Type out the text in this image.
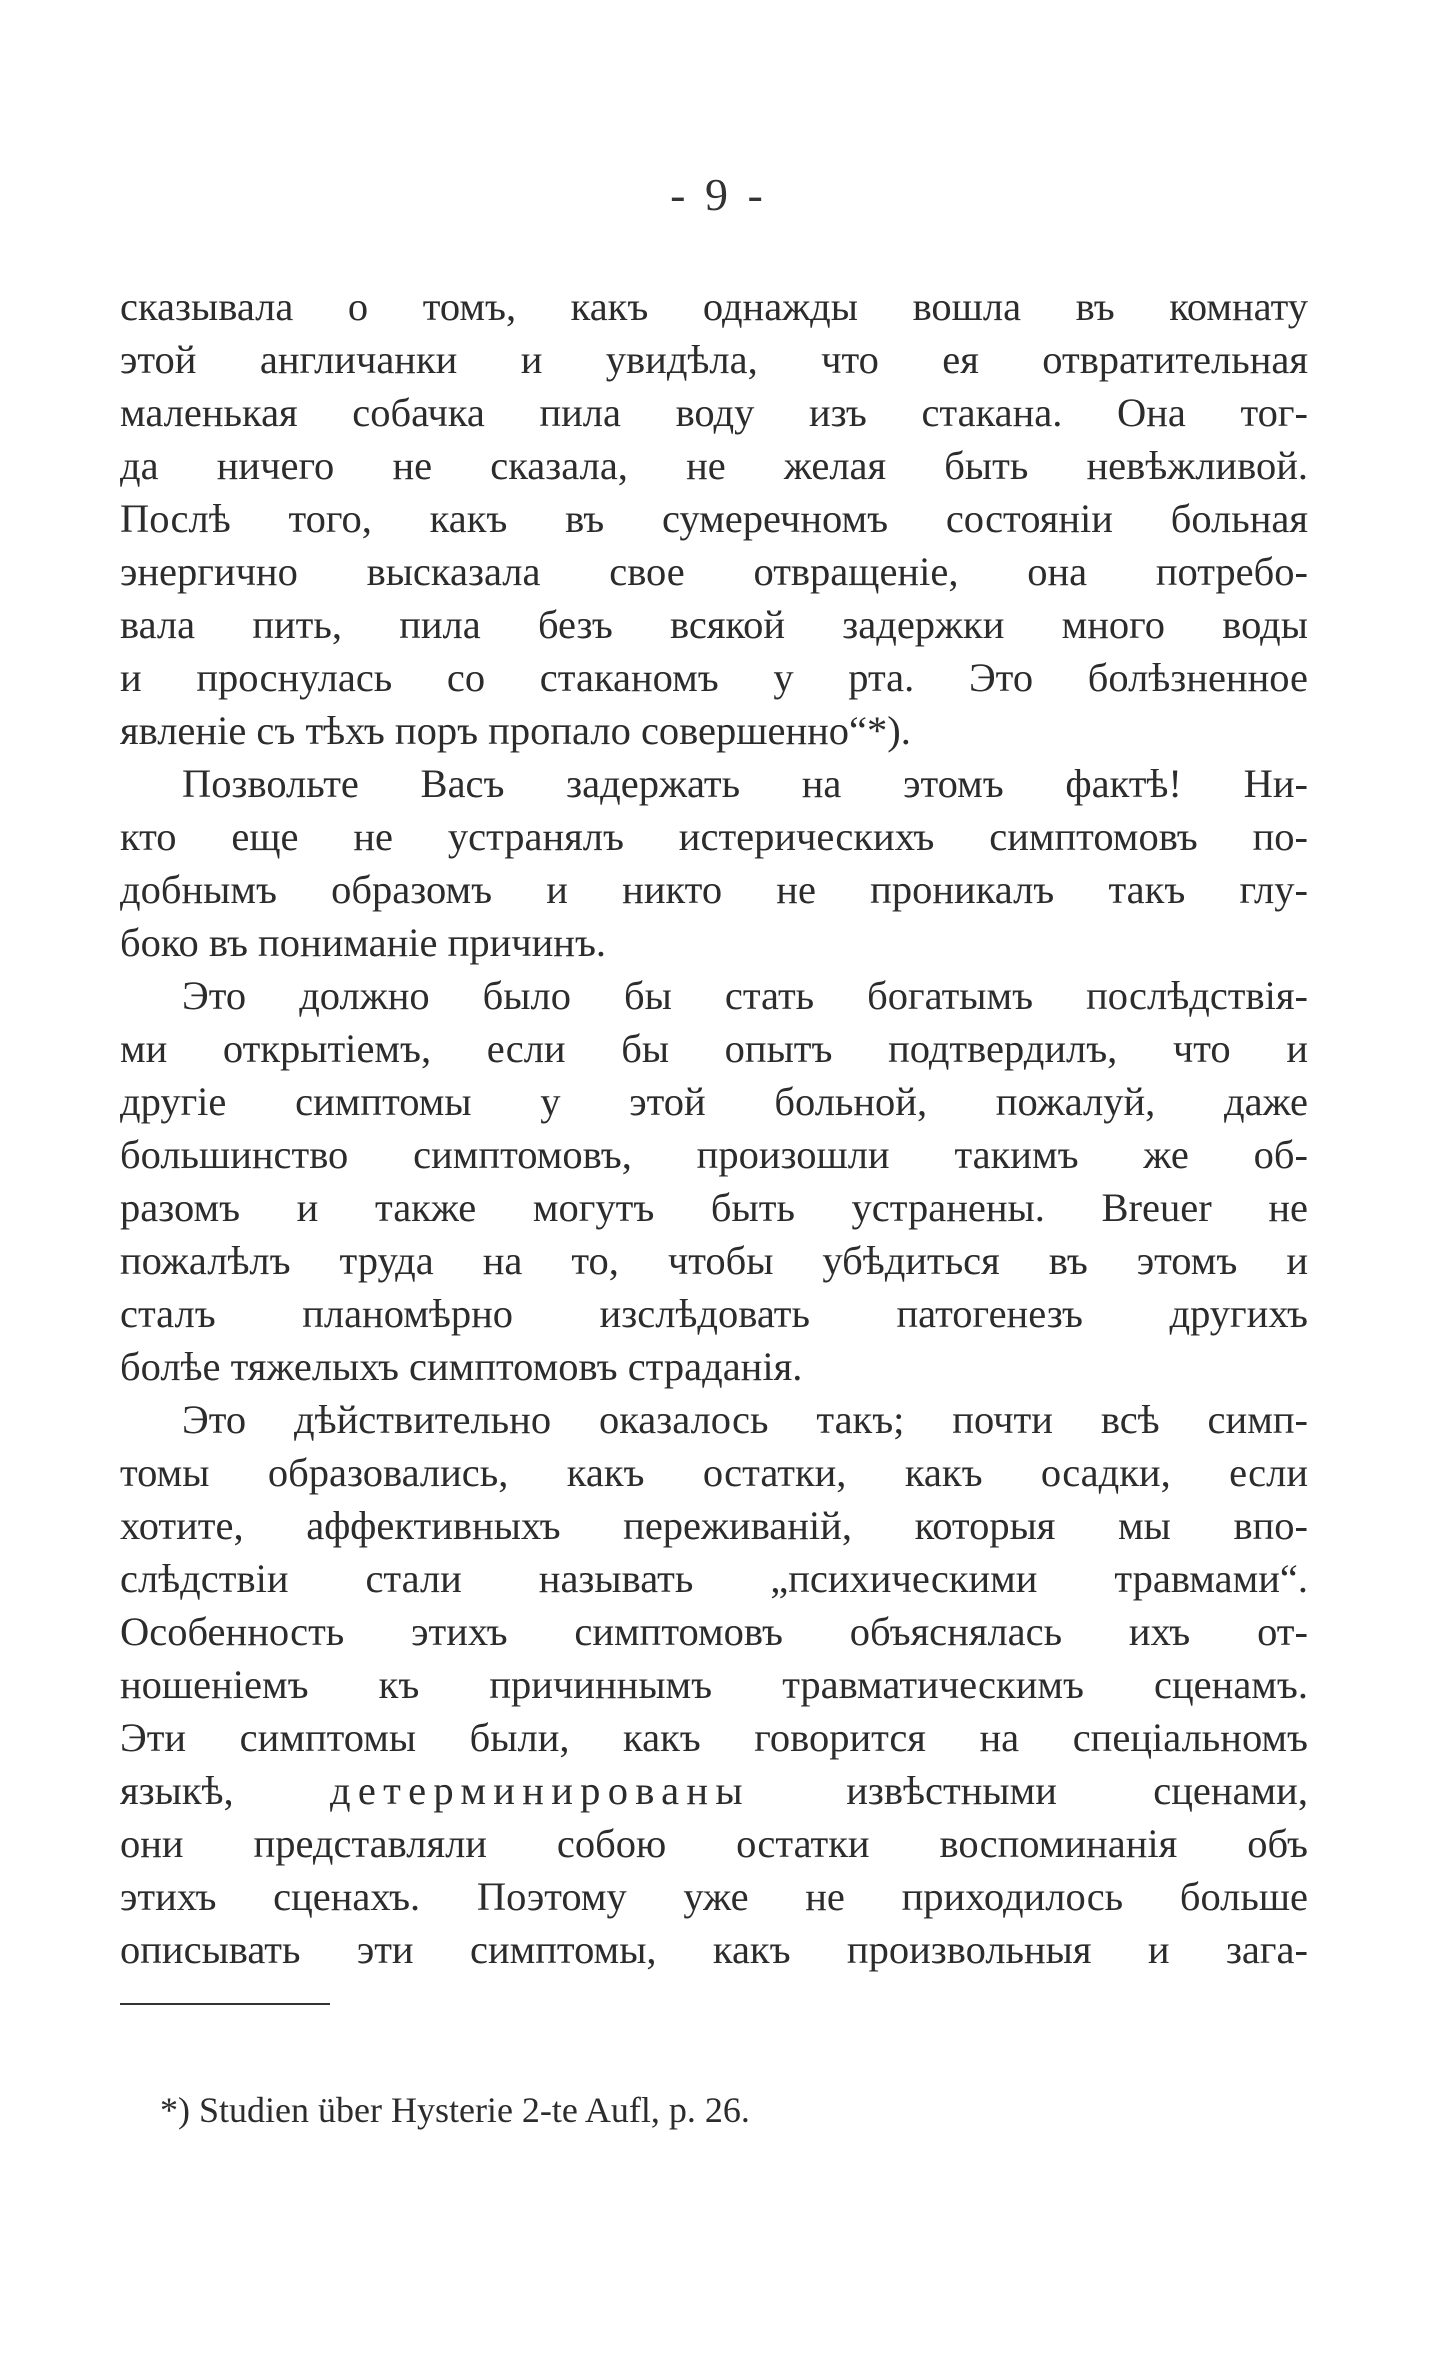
- 9 -
сказывала о томъ, какъ однажды вошла въ комнату
этой англичанки и увидѣла, что ея отвратительная
маленькая собачка пила воду изъ стакана. Она тог-
да ничего не сказала, не желая быть невѣжливой.
Послѣ того, какъ въ сумеречномъ состоянiи больная
энергично высказала свое отвращенiе, она потребо-
вала пить, пила безъ всякой задержки много воды
и проснулась со стаканомъ у рта. Это болѣзненное
явленiе съ тѣхъ поръ пропало совершенно“*).
Позвольте Васъ задержать на этомъ фактѣ! Ни-
кто еще не устранялъ истерическихъ симптомовъ по-
добнымъ образомъ и никто не проникалъ такъ глу-
боко въ пониманiе причинъ.
Это должно было бы стать богатымъ послѣдствiя-
ми открытiемъ, если бы опытъ подтвердилъ, что и
другiе симптомы у этой больной, пожалуй, даже
большинство симптомовъ, произошли такимъ же об-
разомъ и также могутъ быть устранены. Breuer не
пожалѣлъ труда на то, чтобы убѣдиться въ этомъ и
сталъ планомѣрно изслѣдовать патогенезъ другихъ
болѣе тяжелыхъ симптомовъ страданiя.
Это дѣйствительно оказалось такъ; почти всѣ симп-
томы образовались, какъ остатки, какъ осадки, если
хотите, аффективныхъ переживанiй, которыя мы впо-
слѣдствiи стали называть „психическими травмами“.
Особенность этихъ симптомовъ объяснялась ихъ от-
ношенiемъ къ причиннымъ травматическимъ сценамъ.
Эти симптомы были, какъ говорится на спецiальномъ
языкѣ, детерминированы извѣстными сценами,
они представляли собою остатки воспоминанiя объ
этихъ сценахъ. Поэтому уже не приходилось больше
описывать эти симптомы, какъ произвольныя и зага-
*) Studien über Hysterie 2-te Aufl, p. 26.
